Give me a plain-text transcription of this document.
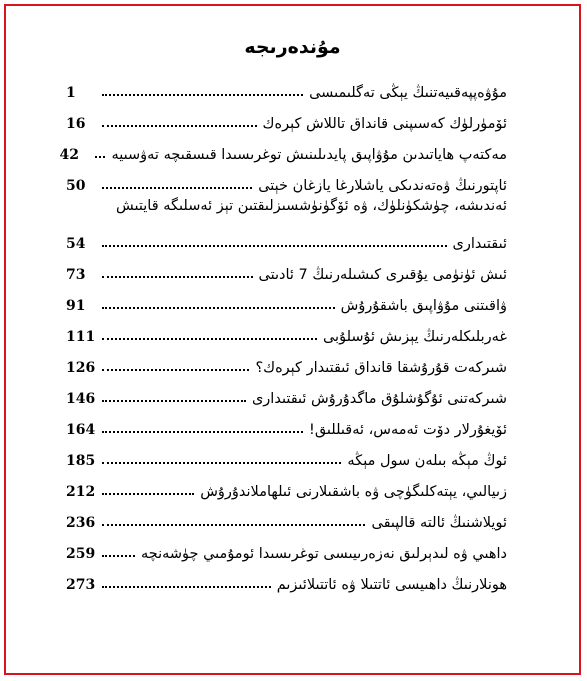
مۇندەرىجە
مۇۋەپپەقىيەتنىڭ يېڭى تەگلىمىسى
1
ئۆمۈرلۈك كەسىپنى قانداق تاللاش كېرەك
16
مەكتەپ ھاياتىدىن مۇۋاپىق پايدىلىنىش توغرىسىدا قىسقىچە تەۋسىيە
42
ئاپتورنىڭ ۋەتەندىكى ياشلارغا يازغان خېتى
50
ئەندىشە، چۈشكۈنلۈك، ۋە ئۆگۈنۈشسىزلىقتىن تېز ئەسلىگە قايتىش
ئىقتىدارى
54
ئىش ئۈنۈمى يۇقىرى كىشىلەرنىڭ 7 ئادىتى
73
ۋاقىتنى مۇۋاپىق باشقۇرۇش
91
غەربلىكلەرنىڭ يېزىش ئۇسلۇبى
111
شىركەت قۇرۇشقا قانداق ئىقتىدار كېرەك؟
126
شىركەتنى ئۇگۇشلۇق ماگدۇرۇش ئىقتىدارى
146
ئۆيغۇرلار دۆت ئەمەس، ئەقىللىق!
164
ئوڭ مېڭە بىلەن سول مېڭە
185
زىيالىي، يېتەكلىگۈچى ۋە باشقىلارنى ئىلھاملاندۇرۇش
212
ئويلاشنىڭ ئالتە قالپىقى
236
داھىي ۋە لىدېرلىق نەزەرىيىسى توغرىسىدا ئومۇمىي چۈشەنچە
259
ھونلارنىڭ داھىيسى ئاتتىلا ۋە ئاتتىلائىزىم
273
